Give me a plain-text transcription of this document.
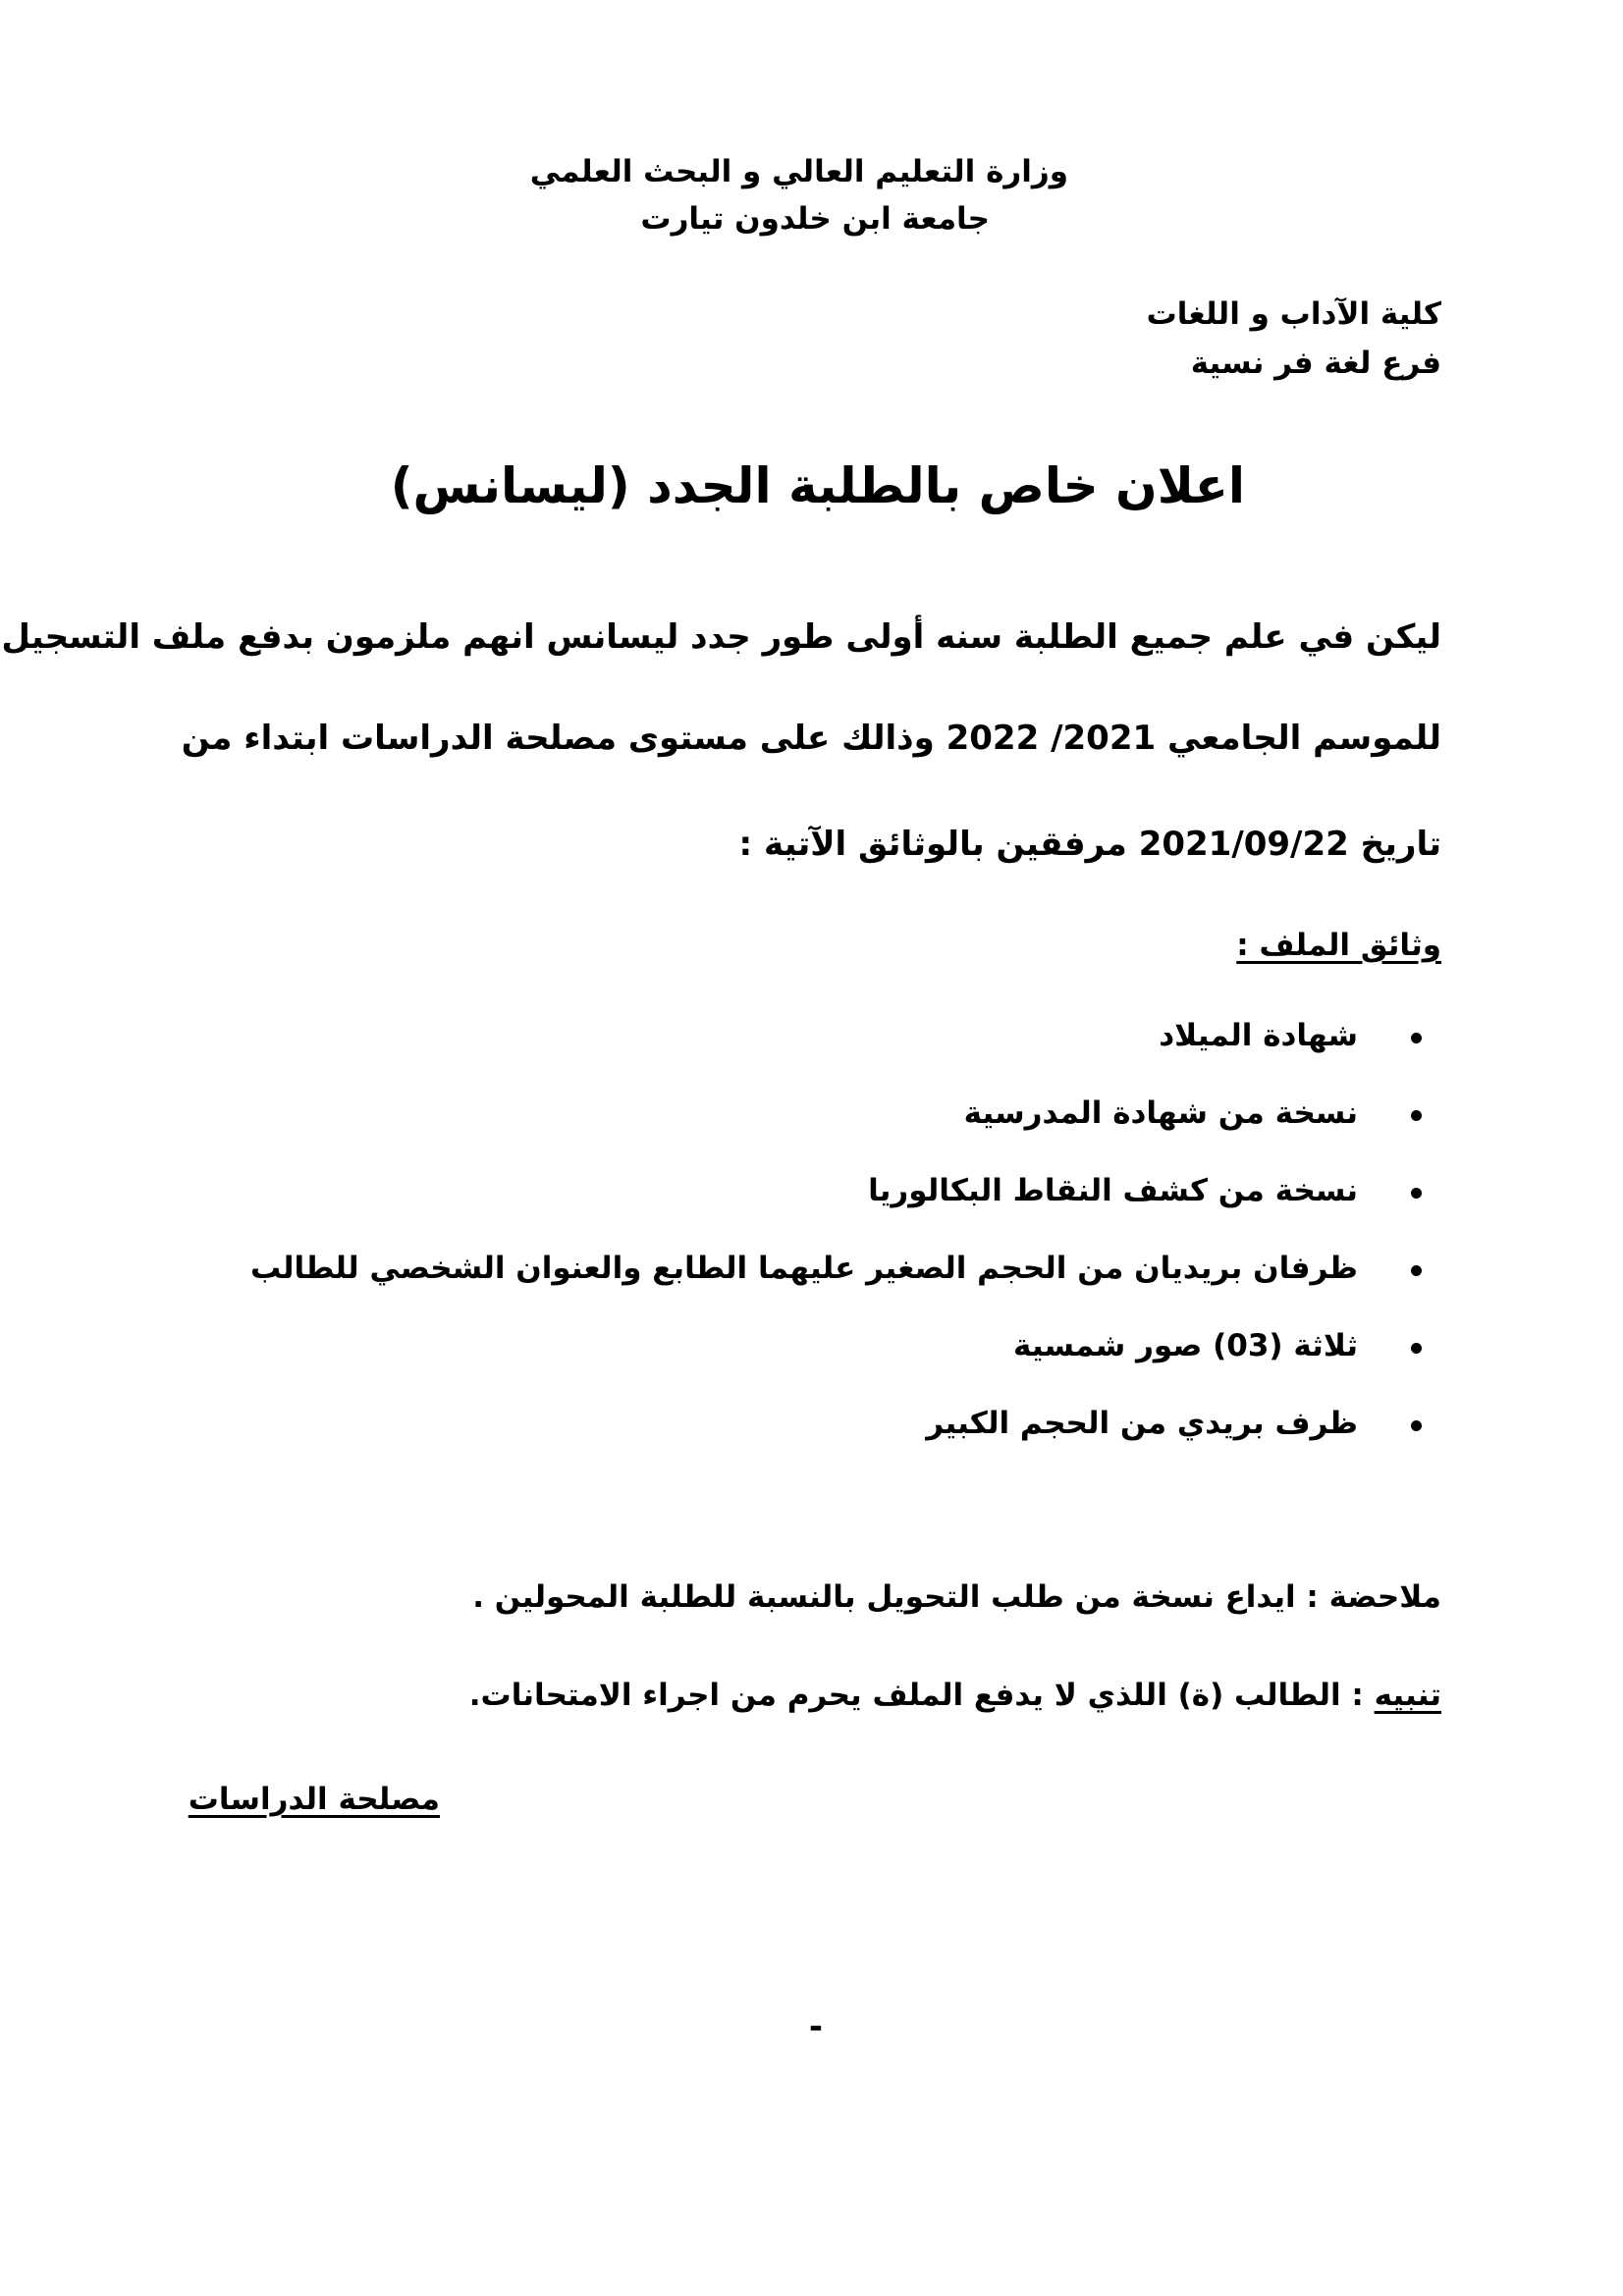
وزارة التعليم العالي و البحث العلمي
جامعة ابن خلدون تيارت
كلية الآداب و اللغات
فرع لغة فر نسية
اعلان خاص بالطلبة الجدد (ليسانس)
ليكن في علم جميع الطلبة سنه أولى طور جدد ليسانس انهم ملزمون بدفع ملف التسجيل
للموسم الجامعي 2021/ 2022 وذالك على مستوى مصلحة الدراسات ابتداء من
تاريخ 2021/09/22 مرفقين بالوثائق الآتية :
وثائق الملف :
شهادة الميلاد
نسخة من شهادة المدرسية
نسخة من كشف النقاط البكالوريا
ظرفان بريديان من الحجم الصغير عليهما الطابع والعنوان الشخصي للطالب
ثلاثة (03) صور شمسية
ظرف بريدي من الحجم الكبير
ملاحضة : ايداع نسخة من طلب التحويل بالنسبة للطلبة المحولين .
تنبيه : الطالب (ة) اللذي لا يدفع الملف يحرم من اجراء الامتحانات.
مصلحة الدراسات
-
